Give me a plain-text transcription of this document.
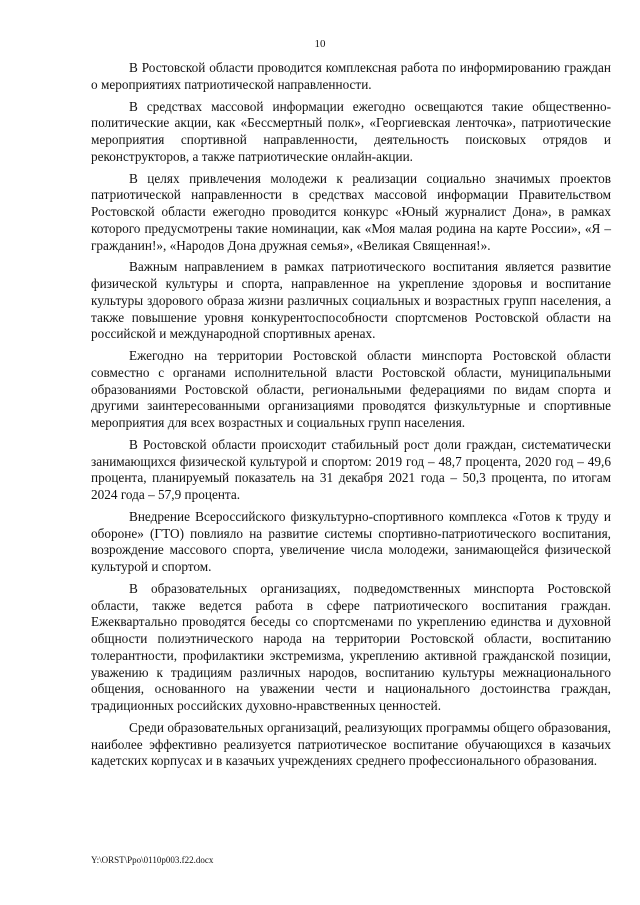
10

В Ростовской области проводится комплексная работа по информированию граждан о мероприятиях патриотической направленности.

В средствах массовой информации ежегодно освещаются такие общественно-политические акции, как «Бессмертный полк», «Георгиевская ленточка», патриотические мероприятия спортивной направленности, деятельность поисковых отрядов и реконструкторов, а также патриотические онлайн-акции.

В целях привлечения молодежи к реализации социально значимых проектов патриотической направленности в средствах массовой информации Правительством Ростовской области ежегодно проводится конкурс «Юный журналист Дона», в рамках которого предусмотрены такие номинации, как «Моя малая родина на карте России», «Я – гражданин!», «Народов Дона дружная семья», «Великая Священная!».

Важным направлением в рамках патриотического воспитания является развитие физической культуры и спорта, направленное на укрепление здоровья и воспитание культуры здорового образа жизни различных социальных и возрастных групп населения, а также повышение уровня конкурентоспособности спортсменов Ростовской области на российской и международной спортивных аренах.

Ежегодно на территории Ростовской области минспорта Ростовской области совместно с органами исполнительной власти Ростовской области, муниципальными образованиями Ростовской области, региональными федерациями по видам спорта и другими заинтересованными организациями проводятся физкультурные и спортивные мероприятия для всех возрастных и социальных групп населения.

В Ростовской области происходит стабильный рост доли граждан, систематически занимающихся физической культурой и спортом: 2019 год – 48,7 процента, 2020 год – 49,6 процента, планируемый показатель на 31 декабря 2021 года – 50,3 процента, по итогам 2024 года – 57,9 процента.

Внедрение Всероссийского физкультурно-спортивного комплекса «Готов к труду и обороне» (ГТО) повлияло на развитие системы спортивно-патриотического воспитания, возрождение массового спорта, увеличение числа молодежи, занимающейся физической культурой и спортом.

В образовательных организациях, подведомственных минспорта Ростовской области, также ведется работа в сфере патриотического воспитания граждан. Ежеквартально проводятся беседы со спортсменами по укреплению единства и духовной общности полиэтнического народа на территории Ростовской области, воспитанию толерантности, профилактики экстремизма, укреплению активной гражданской позиции, уважению к традициям различных народов, воспитанию культуры межнационального общения, основанного на уважении чести и национального достоинства граждан, традиционных российских духовно-нравственных ценностей.

Среди образовательных организаций, реализующих программы общего образования, наиболее эффективно реализуется патриотическое воспитание обучающихся в казачьих кадетских корпусах и в казачьих учреждениях среднего профессионального образования.

Y:\ORST\Ppo\0110p003.f22.docx
